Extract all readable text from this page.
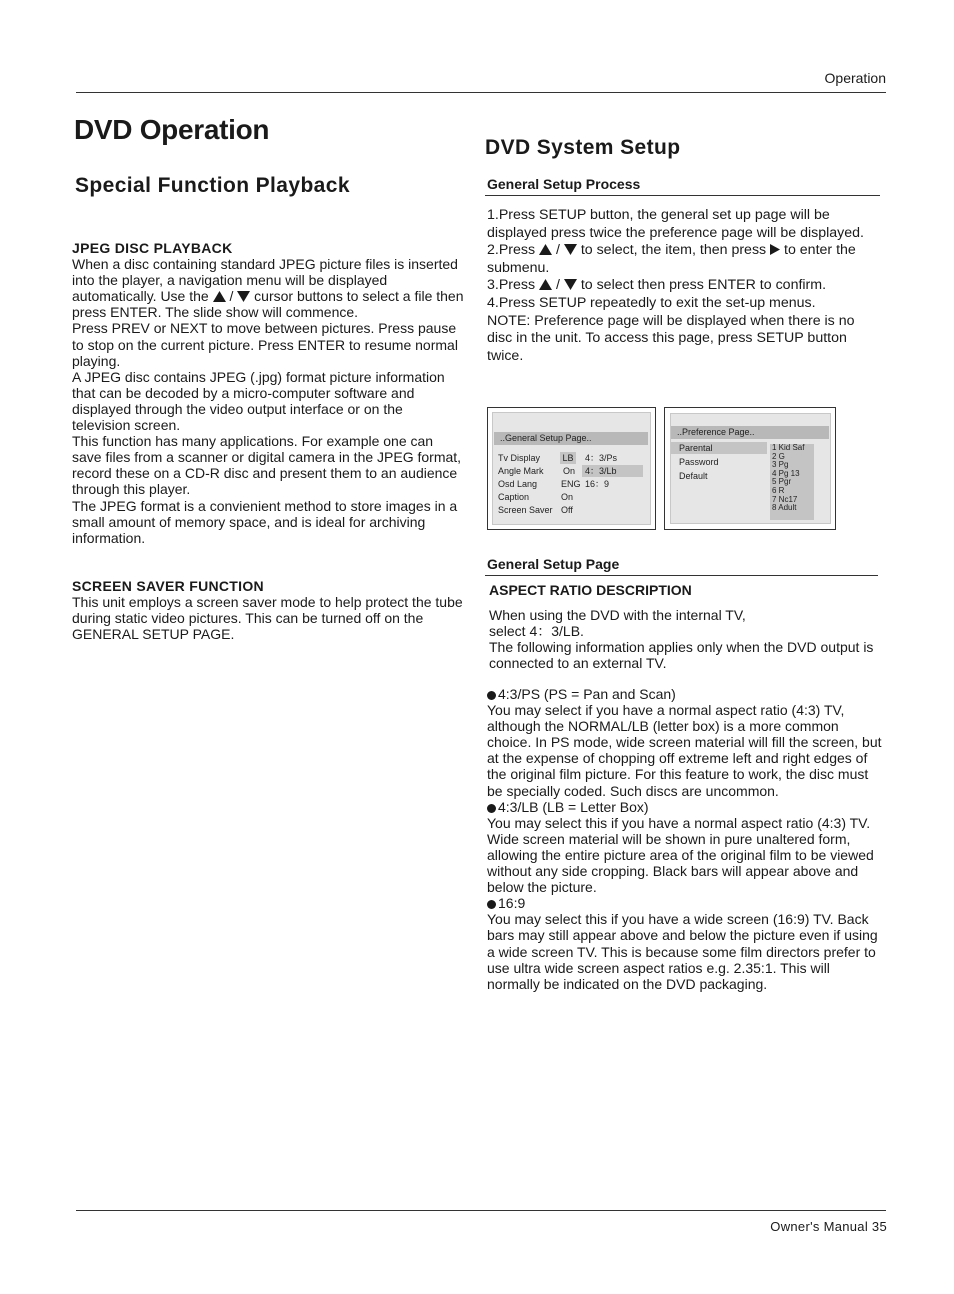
Operation
DVD Operation
Special Function Playback
JPEG DISC PLAYBACK

When a disc containing standard JPEG picture files is inserted into the player, a navigation menu will be displayed automatically. Use the  /  cursor buttons to select a file then press ENTER. The slide show will commence.

Press PREV or NEXT to move between pictures. Press pause to stop on the current picture. Press ENTER to resume normal playing.

A JPEG disc contains JPEG (.jpg) format picture information that can be decoded by a micro-computer software and displayed through the video output interface or on the television screen.

This function has many applications. For example one can save files from a scanner or digital camera in the JPEG format, record these on a CD-R disc and present them to an audience through this player.

The JPEG format is a convienient method to store images in a small amount of memory space, and is ideal for archiving information.

SCREEN SAVER FUNCTION

This unit employs a screen saver mode to help protect the tube during static video pictures. This can be turned off on the GENERAL SETUP PAGE.

DVD System Setup
General Setup Process

1.Press SETUP button, the general set up page will be displayed press twice the preference page will be displayed.

2.Press  /  to select, the item, then press  to enter the submenu.

3.Press  /  to select then press ENTER to confirm.

4.Press SETUP repeatedly to exit the set-up menus.

NOTE: Preference page will be displayed when there is no disc in the unit. To access this page, press SETUP button twice.

..General Setup Page..
Tv Display LB 4：3/Ps
Angle Mark On	4：3/Lb
Osd Lang	ENG 16：9
Caption	On
Screen Saver Off
..Preference Page..
Parental
Password
Default
1 Kid Saf
2 G
3 Pg
4 Pg 13
5 Pgr
6 R
7 Nc17
8 Adult
General Setup Page
ASPECT RATIO DESCRIPTION

When using the DVD with the internal TV,

select 4：3/LB.

The following information applies only when the DVD output is connected to an external TV.

4:3/PS (PS = Pan and Scan)

You may select if you have a normal aspect ratio (4:3) TV, although the NORMAL/LB (letter box) is a more common choice. In PS mode, wide screen material will fill the screen, but at the expense of chopping off extreme left and right edges of the original film picture. For this feature to work, the disc must be specially coded. Such discs are uncommon.

4:3/LB (LB = Letter Box)

You may select this if you have a normal aspect ratio (4:3) TV. Wide screen material will be shown in pure unaltered form, allowing the entire picture area of the original film to be viewed without any side cropping. Black bars will appear above and below the picture.

16:9

You may select this if you have a wide screen (16:9) TV. Back bars may still appear above and below the picture even if using a wide screen TV. This is because some film directors prefer to use ultra wide screen aspect ratios e.g. 2.35:1. This will normally be indicated on the DVD packaging.

Owner's Manual 35
